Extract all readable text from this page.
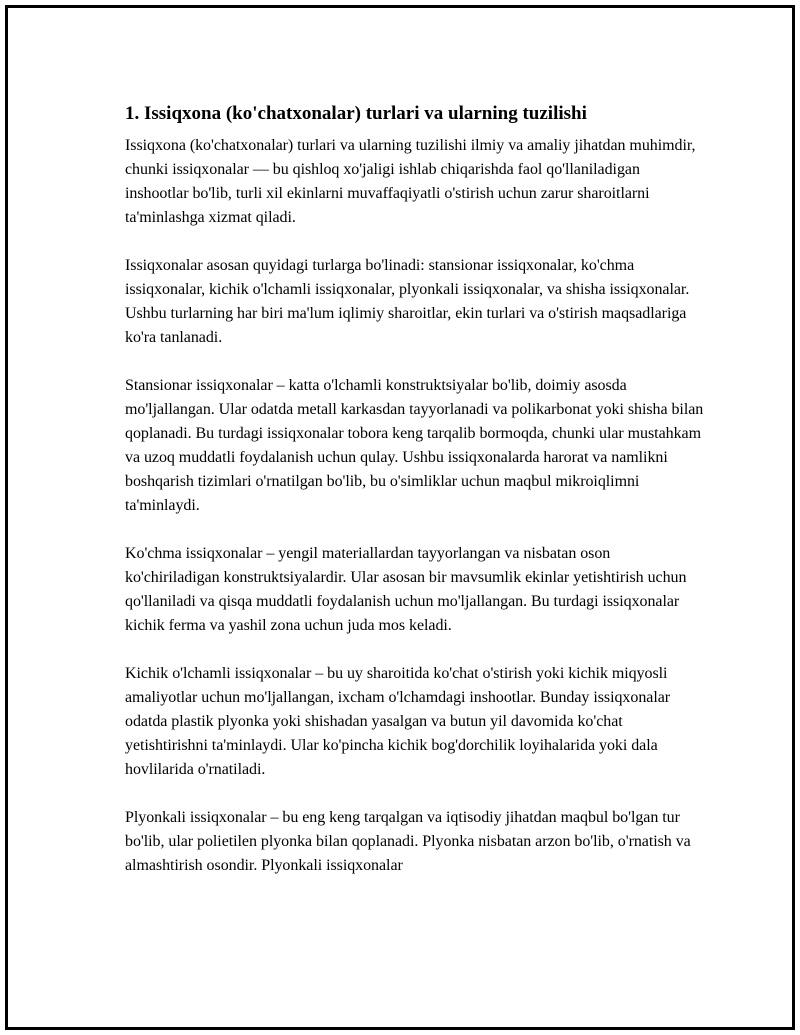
1. Issiqxona (ko'chatxonalar) turlari va ularning tuzilishi

Issiqxona (ko'chatxonalar) turlari va ularning tuzilishi ilmiy va amaliy jihatdan muhimdir, chunki issiqxonalar — bu qishloq xo'jaligi ishlab chiqarishda faol qo'llaniladigan inshootlar bo'lib, turli xil ekinlarni muvaffaqiyatli o'stirish uchun zarur sharoitlarni ta'minlashga xizmat qiladi.

Issiqxonalar asosan quyidagi turlarga bo'linadi: stansionar issiqxonalar, ko'chma issiqxonalar, kichik o'lchamli issiqxonalar, plyonkali issiqxonalar, va shisha issiqxonalar. Ushbu turlarning har biri ma'lum iqlimiy sharoitlar, ekin turlari va o'stirish maqsadlariga ko'ra tanlanadi.

Stansionar issiqxonalar – katta o'lchamli konstruktsiyalar bo'lib, doimiy asosda mo'ljallangan. Ular odatda metall karkasdan tayyorlanadi va polikarbonat yoki shisha bilan qoplanadi. Bu turdagi issiqxonalar tobora keng tarqalib bormoqda, chunki ular mustahkam va uzoq muddatli foydalanish uchun qulay. Ushbu issiqxonalarda harorat va namlikni boshqarish tizimlari o'rnatilgan bo'lib, bu o'simliklar uchun maqbul mikroiqlimni ta'minlaydi.

Ko'chma issiqxonalar – yengil materiallardan tayyorlangan va nisbatan oson ko'chiriladigan konstruktsiyalardir. Ular asosan bir mavsumlik ekinlar yetishtirish uchun qo'llaniladi va qisqa muddatli foydalanish uchun mo'ljallangan. Bu turdagi issiqxonalar kichik ferma va yashil zona uchun juda mos keladi.

Kichik o'lchamli issiqxonalar – bu uy sharoitida ko'chat o'stirish yoki kichik miqyosli amaliyotlar uchun mo'ljallangan, ixcham o'lchamdagi inshootlar. Bunday issiqxonalar odatda plastik plyonka yoki shishadan yasalgan va butun yil davomida ko'chat yetishtirishni ta'minlaydi. Ular ko'pincha kichik bog'dorchilik loyihalarida yoki dala hovlilarida o'rnatiladi.

Plyonkali issiqxonalar – bu eng keng tarqalgan va iqtisodiy jihatdan maqbul bo'lgan tur bo'lib, ular polietilen plyonka bilan qoplanadi. Plyonka nisbatan arzon bo'lib, o'rnatish va almashtirish osondir. Plyonkali issiqxonalar
